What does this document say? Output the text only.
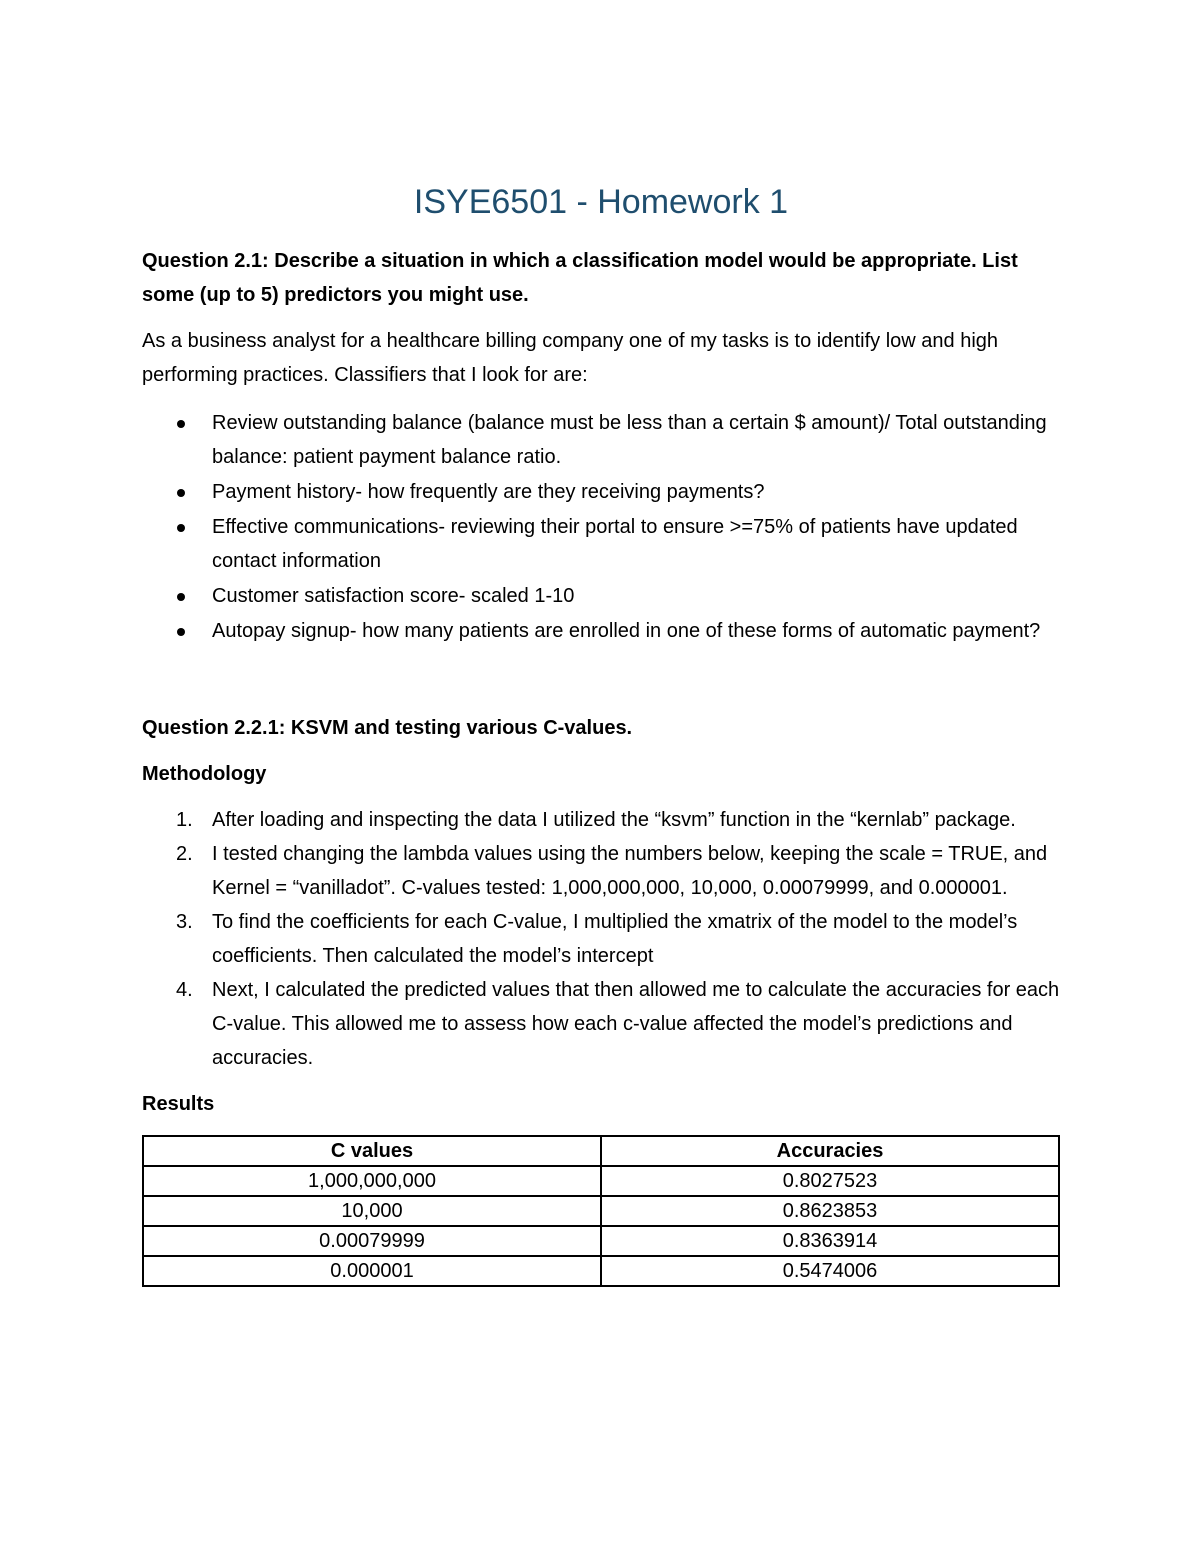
ISYE6501 - Homework 1

Question 2.1: Describe a situation in which a classification model would be appropriate. List some (up to 5) predictors you might use.

As a business analyst for a healthcare billing company one of my tasks is to identify low and high performing practices. Classifiers that I look for are:

Review outstanding balance (balance must be less than a certain $ amount)/ Total outstanding balance: patient payment balance ratio.
Payment history- how frequently are they receiving payments?
Effective communications- reviewing their portal to ensure >=75% of patients have updated contact information
Customer satisfaction score- scaled 1-10
Autopay signup- how many patients are enrolled in one of these forms of automatic payment?

Question 2.2.1: KSVM and testing various C-values.

Methodology

1. After loading and inspecting the data I utilized the “ksvm” function in the “kernlab” package.
2. I tested changing the lambda values using the numbers below, keeping the scale = TRUE, and Kernel = “vanilladot”. C-values tested: 1,000,000,000, 10,000, 0.00079999, and 0.000001.
3. To find the coefficients for each C-value, I multiplied the xmatrix of the model to the model’s coefficients. Then calculated the model’s intercept
4. Next, I calculated the predicted values that then allowed me to calculate the accuracies for each C-value. This allowed me to assess how each c-value affected the model’s predictions and accuracies.

Results

C values	Accuracies
1,000,000,000	0.8027523
10,000	0.8623853
0.00079999	0.8363914
0.000001	0.5474006
